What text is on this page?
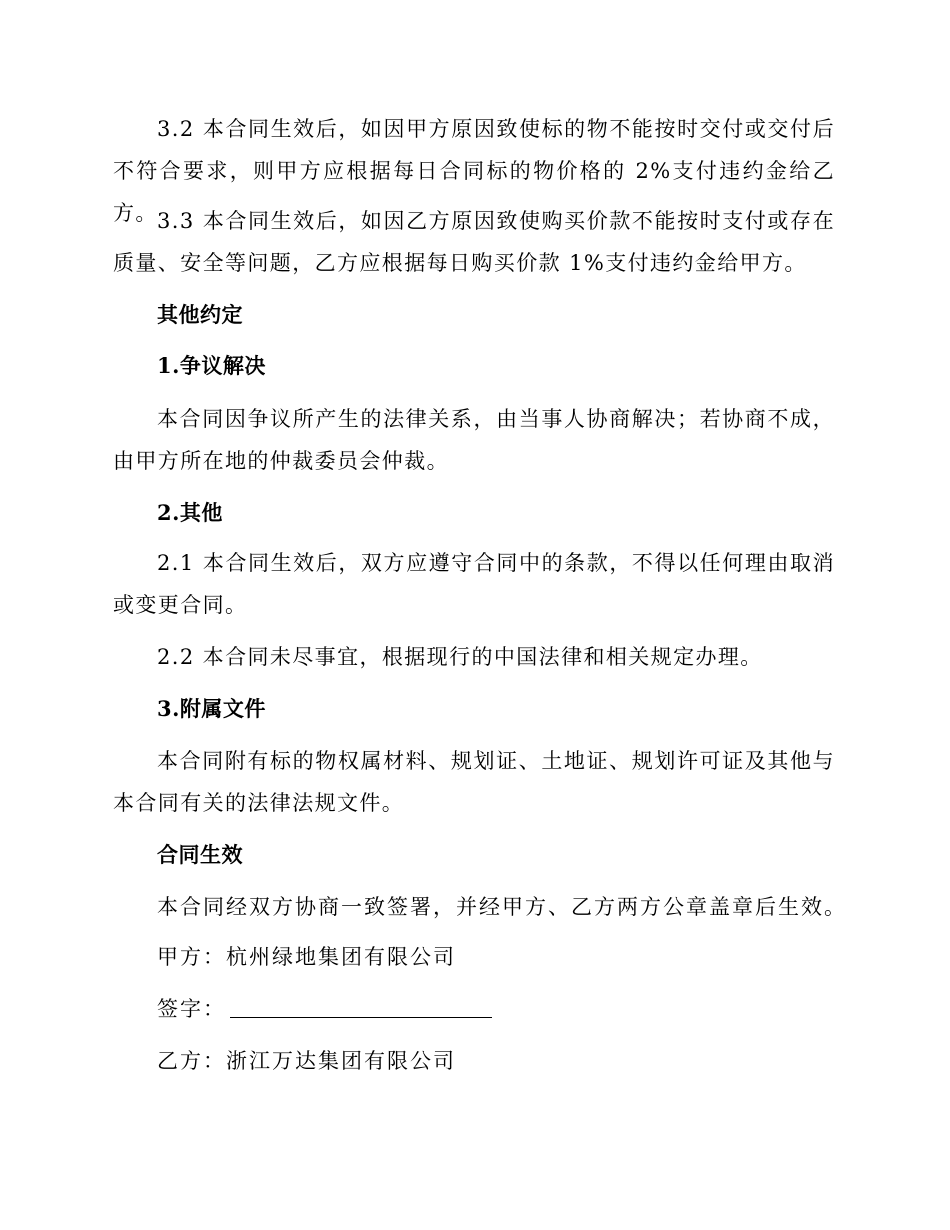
3.2 本合同生效后，如因甲方原因致使标的物不能按时交付或交付后不符合要求，则甲方应根据每日合同标的物价格的 2%支付违约金给乙方。 3.3 本合同生效后，如因乙方原因致使购买价款不能按时支付或存在质量、安全等问题，乙方应根据每日购买价款 1%支付违约金给甲方。

其他约定

1.争议解决

本合同因争议所产生的法律关系，由当事人协商解决；若协商不成，由甲方所在地的仲裁委员会仲裁。

2.其他

2.1 本合同生效后，双方应遵守合同中的条款，不得以任何理由取消或变更合同。

2.2 本合同未尽事宜，根据现行的中国法律和相关规定办理。

3.附属文件

本合同附有标的物权属材料、规划证、土地证、规划许可证及其他与本合同有关的法律法规文件。

合同生效

本合同经双方协商一致签署，并经甲方、乙方两方公章盖章后生效。

甲方：杭州绿地集团有限公司

签字：

乙方：浙江万达集团有限公司
